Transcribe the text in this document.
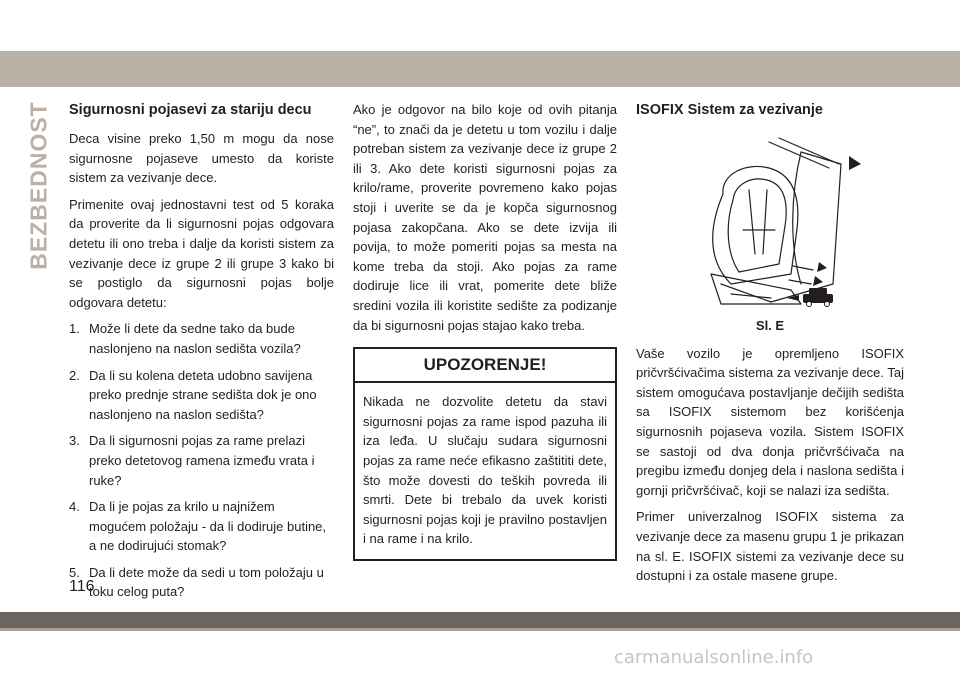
BEZBEDNOST Sigurnosni pojasevi za stariju decu

Deca visine preko 1,50 m mogu da nose sigurnosne pojaseve umesto da koriste sistem za vezivanje dece.

Primenite ovaj jednostavni test od 5 koraka da proverite da li sigurnosni pojas odgovara detetu ili ono treba i dalje da koristi sistem za vezivanje dece iz grupe 2 ili grupe 3 kako bi se postiglo da sigurnosni pojas bolje odgovara detetu:

1. Može li dete da sedne tako da bude naslonjeno na naslon sedišta vozila?
2. Da li su kolena deteta udobno savijena preko prednje strane sedišta dok je ono naslonjeno na naslon sedišta?
3. Da li sigurnosni pojas za rame prelazi preko detetovog ramena između vrata i ruke?
4. Da li je pojas za krilo u najnižem mogućem položaju - da li dodiruje butine, a ne dodirujući stomak?
5. Da li dete može da sedi u tom položaju u toku celog puta?

Ako je odgovor na bilo koje od ovih pitanja “ne”, to znači da je detetu u tom vozilu i dalje potreban sistem za vezivanje dece iz grupe 2 ili 3. Ako dete koristi sigurnosni pojas za krilo/rame, proverite povremeno kako pojas stoji i uverite se da je kopča sigurnosnog pojasa zakopčana. Ako se dete izvija ili povija, to može pomeriti pojas sa mesta na kome treba da stoji. Ako pojas za rame dodiruje lice ili vrat, pomerite dete bliže sredini vozila ili koristite sedište za podizanje da bi sigurnosni pojas stajao kako treba.

UPOZORENJE!
Nikada ne dozvolite detetu da stavi sigurnosni pojas za rame ispod pazuha ili iza leđa. U slučaju sudara sigurnosni pojas za rame neće efikasno zaštititi dete, što može dovesti do teških povreda ili smrti. Dete bi trebalo da uvek koristi sigurnosni pojas koji je pravilno postavljen i na rame i na krilo.
ISOFIX Sistem za vezivanje
Sl. E

Vaše vozilo je opremljeno ISOFIX pričvršćivačima sistema za vezivanje dece. Taj sistem omogućava postavljanje dečijih sedišta sa ISOFIX sistemom bez korišćenja sigurnosnih pojaseva vozila. Sistem ISOFIX se sastoji od dva donja pričvršćivača na pregibu između donjeg dela i naslona sedišta i gornji pričvršćivač, koji se nalazi iza sedišta.

Primer univerzalnog ISOFIX sistema za vezivanje dece za masenu grupu 1 je prikazan na sl. E. ISOFIX sistemi za vezivanje dece su dostupni i za ostale masene grupe.

116
carmanualsonline.info
